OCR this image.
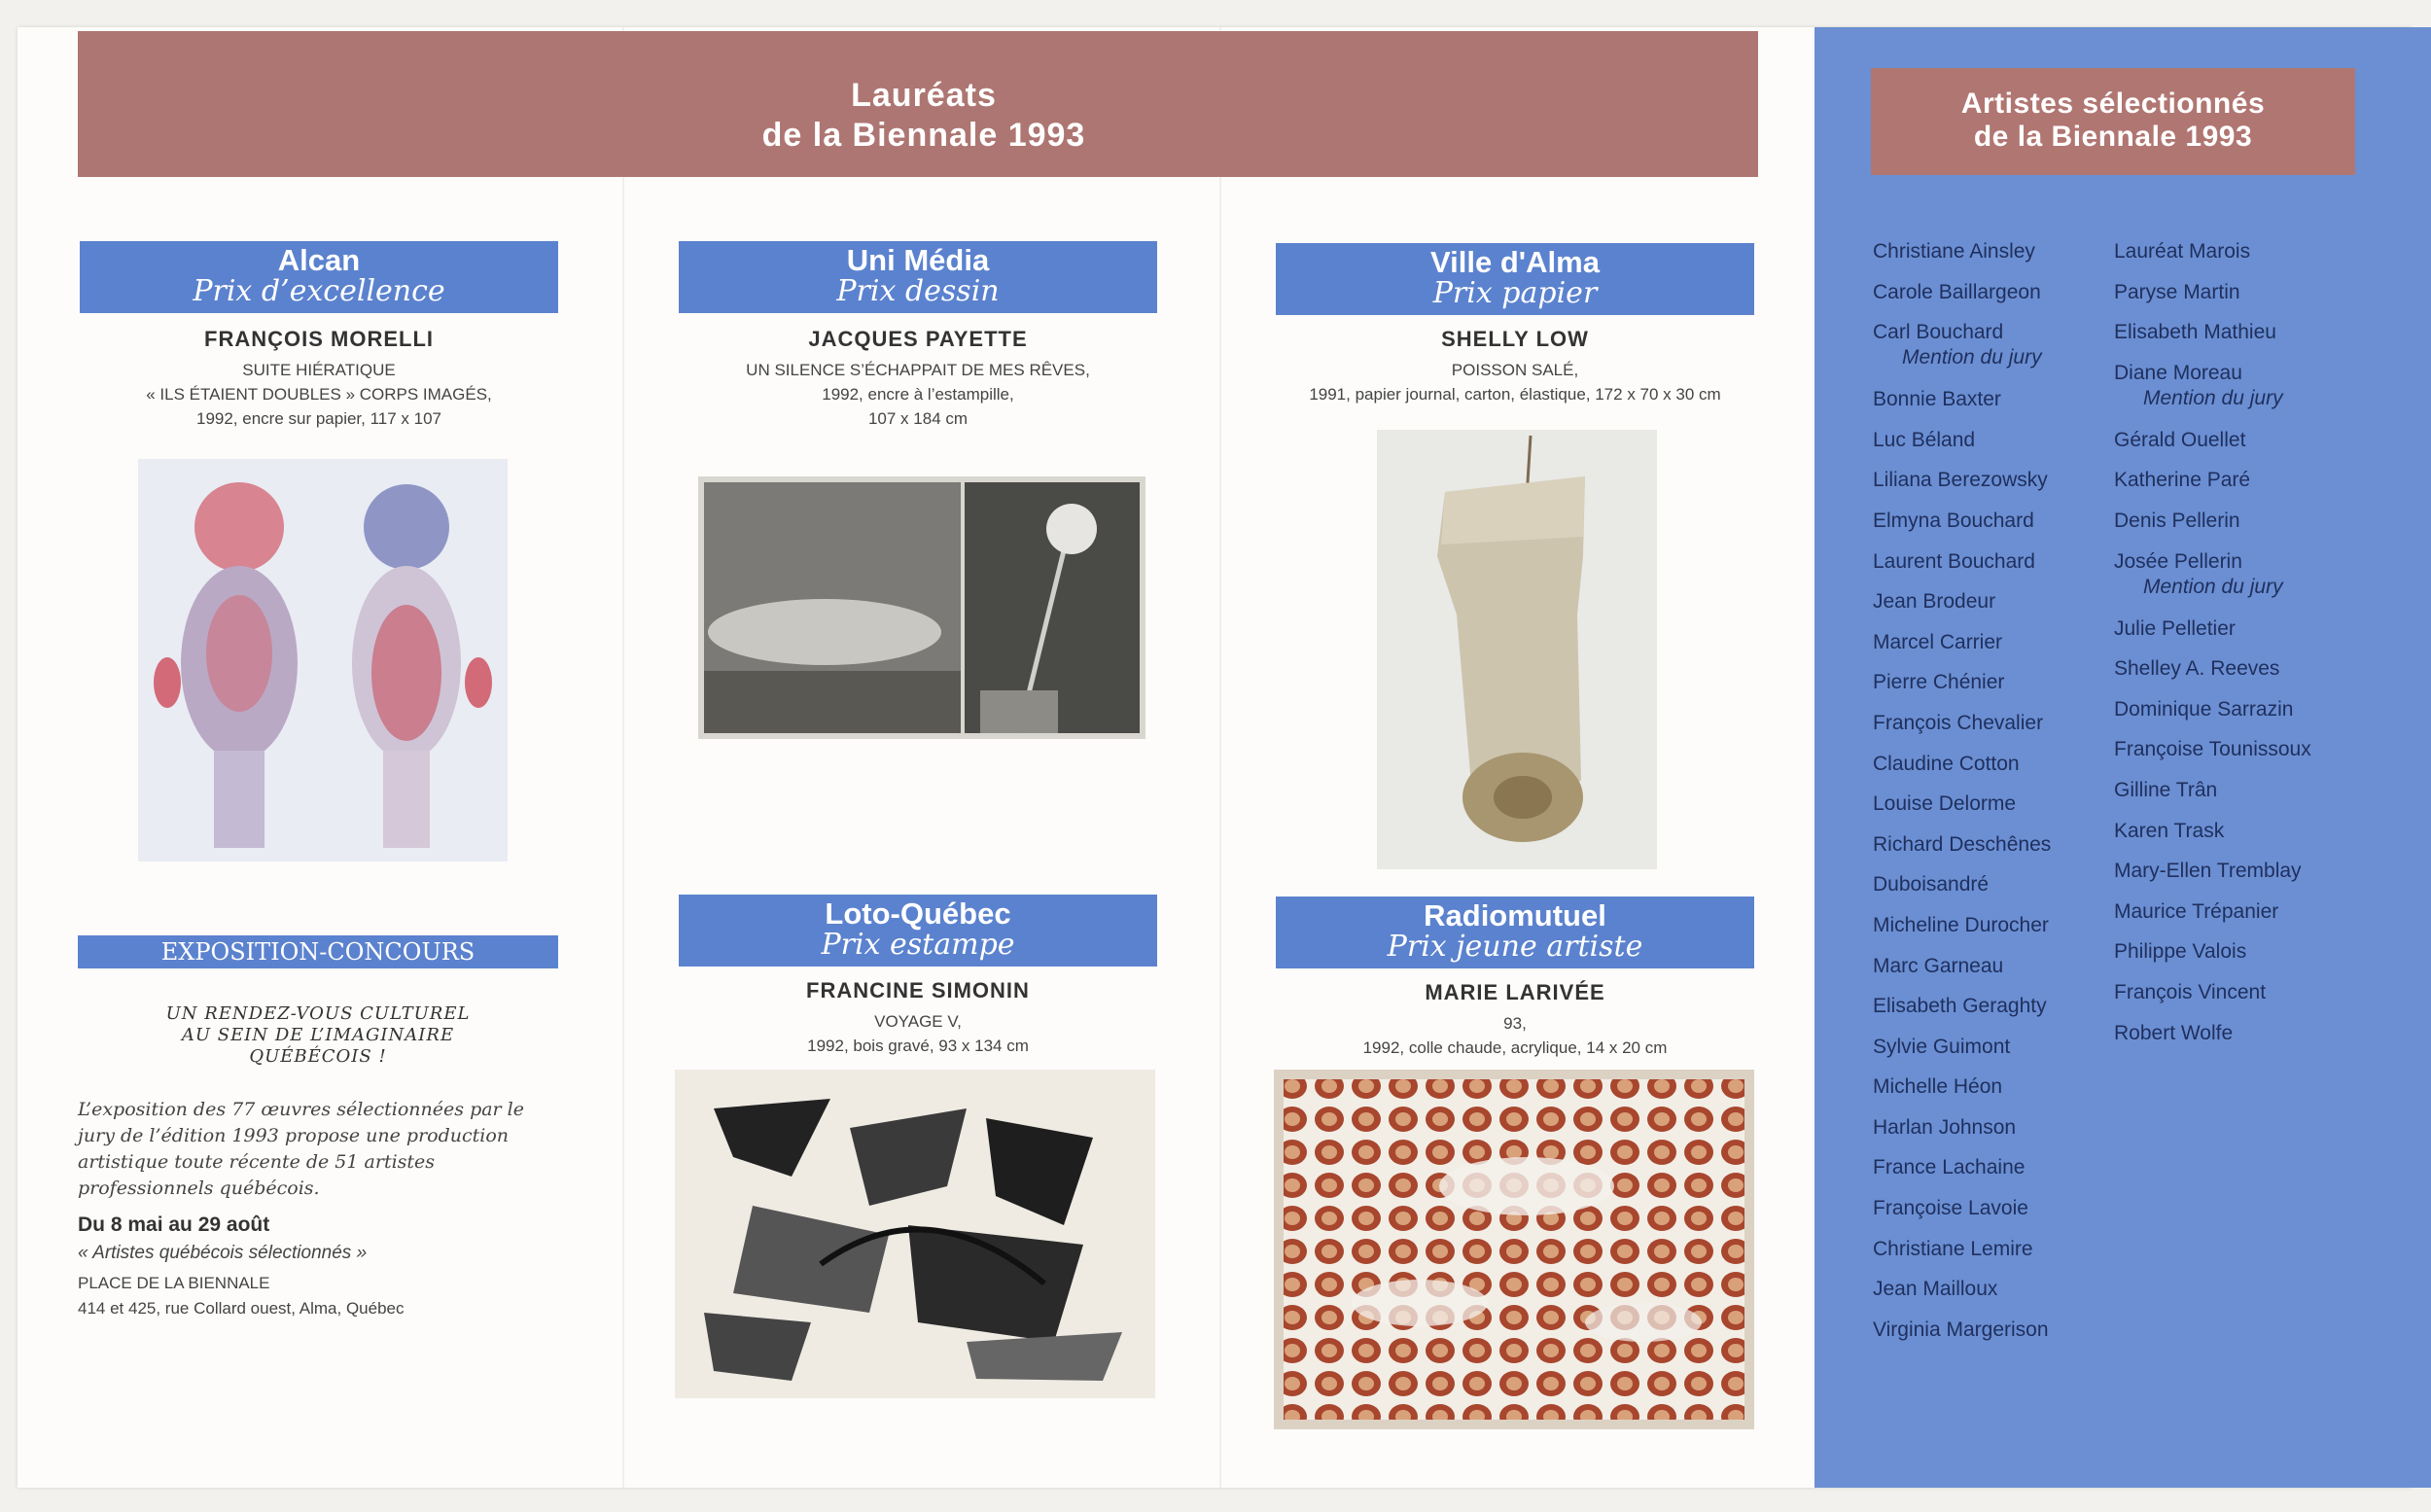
Lauréats
de la Biennale 1993
Alcan
Prix d’excellence
FRANÇOIS MORELLI
SUITE HIÉRATIQUE
« ILS ÉTAIENT DOUBLES » CORPS IMAGÉS,
1992, encre sur papier, 117 x 107
Uni Média
Prix dessin
JACQUES PAYETTE
UN SILENCE S’ÉCHAPPAIT DE MES RÊVES,
1992, encre à l’estampille,
107 x 184 cm
Ville d'Alma
Prix papier
SHELLY LOW
POISSON SALÉ,
1991, papier journal, carton, élastique, 172 x 70 x 30 cm
Loto-Québec
Prix estampe
FRANCINE SIMONIN
VOYAGE V,
1992, bois gravé, 93 x 134 cm
Radiomutuel
Prix jeune artiste
MARIE LARIVÉE
93,
1992, colle chaude, acrylique, 14 x 20 cm
EXPOSITION-CONCOURS
UN RENDEZ-VOUS CULTUREL
AU SEIN DE L’IMAGINAIRE
QUÉBÉCOIS !
L’exposition des 77 œuvres sélectionnées par le jury de l’édition 1993 propose une production artistique toute récente de 51 artistes professionnels québécois.
Du 8 mai au 29 août
« Artistes québécois sélectionnés »
PLACE DE LA BIENNALE
414 et 425, rue Collard ouest, Alma, Québec
Artistes sélectionnés
de la Biennale 1993
Christiane Ainsley
Carole Baillargeon
Carl Bouchard
Mention du jury
Bonnie Baxter
Luc Béland
Liliana Berezowsky
Elmyna Bouchard
Laurent Bouchard
Jean Brodeur
Marcel Carrier
Pierre Chénier
François Chevalier
Claudine Cotton
Louise Delorme
Richard Deschênes
Duboisandré
Micheline Durocher
Marc Garneau
Elisabeth Geraghty
Sylvie Guimont
Michelle Héon
Harlan Johnson
France Lachaine
Françoise Lavoie
Christiane Lemire
Jean Mailloux
Virginia Margerison
Lauréat Marois
Paryse Martin
Elisabeth Mathieu
Diane Moreau
Mention du jury
Gérald Ouellet
Katherine Paré
Denis Pellerin
Josée Pellerin
Mention du jury
Julie Pelletier
Shelley A. Reeves
Dominique Sarrazin
Françoise Tounissoux
Gilline Trân
Karen Trask
Mary-Ellen Tremblay
Maurice Trépanier
Philippe Valois
François Vincent
Robert Wolfe
